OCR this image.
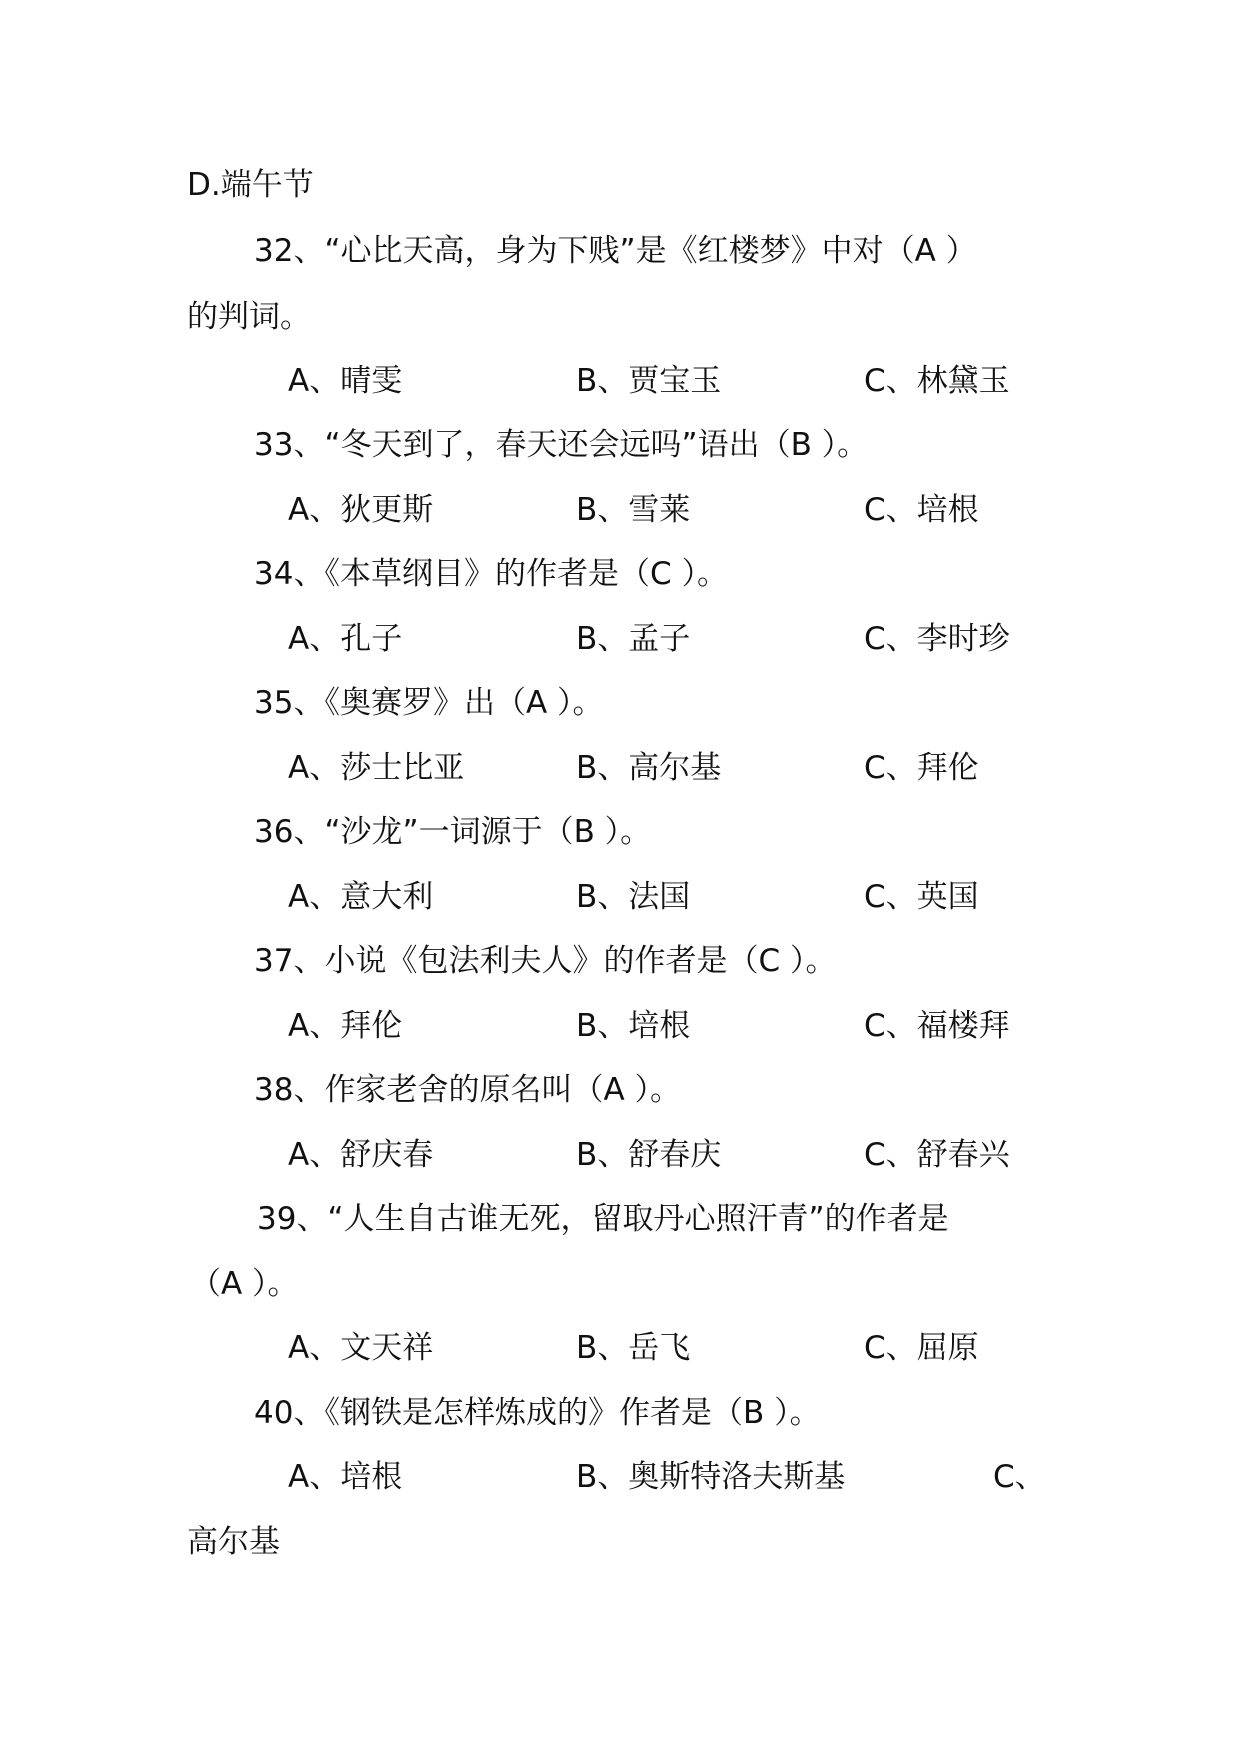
D.端午节
32、“心比天高，身为下贱”是《红楼梦》中对（A ）
的判词。
A、晴雯	B、贾宝玉	C、林黛玉
33、“冬天到了，春天还会远吗”语出（B ）。
A、狄更斯	B、雪莱	C、培根
34、《本草纲目》的作者是（C ）。
A、孔子	B、孟子	C、李时珍
35、《奥赛罗》出（A ）。
A、莎士比亚	B、高尔基	C、拜伦
36、“沙龙”一词源于（B ）。
A、意大利	B、法国	C、英国
37、小说《包法利夫人》的作者是（C ）。
A、拜伦	B、培根	C、福楼拜
38、作家老舍的原名叫（A ）。
A、舒庆春	B、舒春庆	C、舒春兴
39、“人生自古谁无死，留取丹心照汗青”的作者是
（A ）。
A、文天祥	B、岳飞	C、屈原
40、《钢铁是怎样炼成的》作者是（B ）。
A、培根	B、奥斯特洛夫斯基	C、
高尔基
